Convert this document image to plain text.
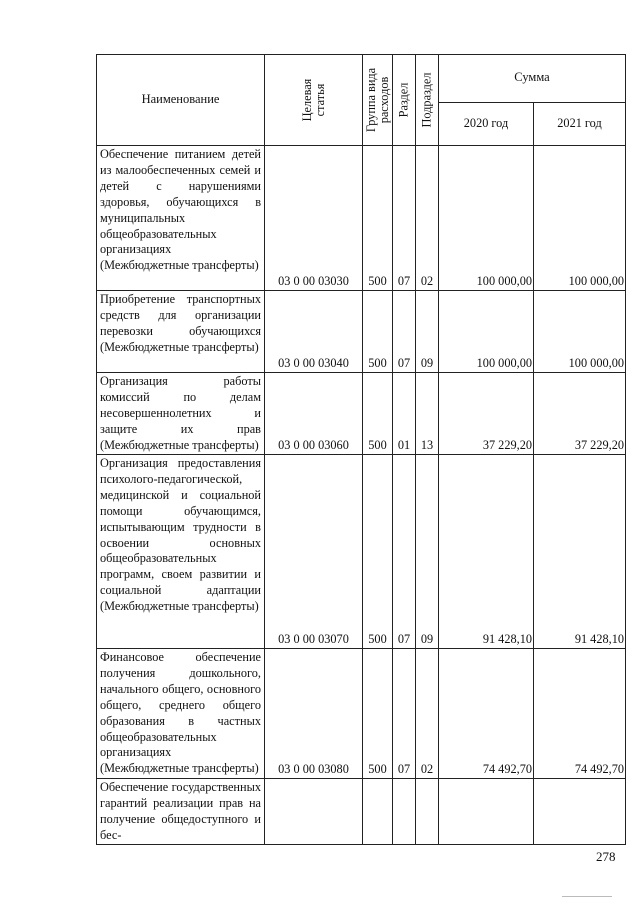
Наименование	Целевая статья	Группа вида расходов	Раздел	Подраздел	Сумма	
					2020 год	2021 год
Обеспечение питанием детей из малообеспеченных семей и детей с нарушениями здоровья, обучающихся в муниципальных общеобразовательных организациях (Межбюджетные трансферты)	03 0 00 03030	500	07	02	100 000,00	100 000,00
Приобретение транспортных средств для организации перевозки обучающихся (Межбюджетные трансферты)	03 0 00 03040	500	07	09	100 000,00	100 000,00
Организация работы комиссий по делам несовершеннолетних и защите их прав (Межбюджетные трансферты)	03 0 00 03060	500	01	13	37 229,20	37 229,20
Организация предоставления психолого-педагогической, медицинской и социальной помощи обучающимся, испытывающим трудности в освоении основных общеобразовательных программ, своем развитии и социальной адаптации (Межбюджетные трансферты)	03 0 00 03070	500	07	09	91 428,10	91 428,10
Финансовое обеспечение получения дошкольного, начального общего, основного общего, среднего общего образования в частных общеобразовательных организациях (Межбюджетные трансферты)	03 0 00 03080	500	07	02	74 492,70	74 492,70
Обеспечение государственных гарантий реализации прав на получение общедоступного и бес-						
278
